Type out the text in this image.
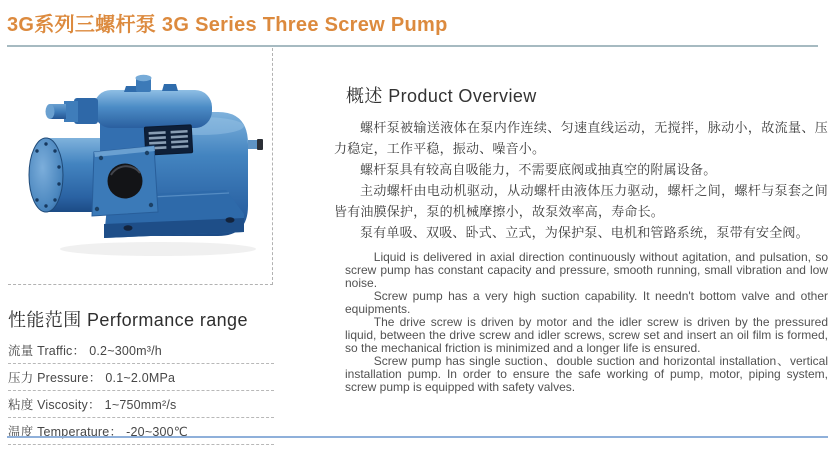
3G系列三螺杆泵 3G Series Three Screw Pump
概述 Product Overview

螺杆泵被输送液体在泵内作连续、匀速直线运动，无搅拌，脉动小，故流量、压力稳定，工作平稳，振动、噪音小。

螺杆泵具有较高自吸能力，不需要底阀或抽真空的附属设备。

主动螺杆由电动机驱动，从动螺杆由液体压力驱动，螺杆之间，螺杆与泵套之间皆有油膜保护，泵的机械摩擦小，故泵效率高，寿命长。

泵有单吸、双吸、卧式、立式，为保护泵、电机和管路系统，泵带有安全阀。

Liquid is delivered in axial direction continuously without agitation, and pulsation, so screw pump has constant capacity and pressure, smooth running, small vibration and low noise.

Screw pump has a very high suction capability. It needn't bottom valve and other equipments.

The drive screw is driven by motor and the idler screw is driven by the pressured liquid, between the drive screw and idler screws, screw set and insert an oil film is formed, so the mechanical friction is minimized and a longer life is ensured.

Screw pump has single suction、double suction and horizontal installation、vertical installation pump. In order to ensure the safe working of pump, motor, piping system, screw pump is equipped with safety valves.

性能范围 Performance range
流量 Traffic： 0.2~300m³/h
压力 Pressure： 0.1~2.0MPa
粘度 Viscosity： 1~750mm²/s
温度 Temperature： -20~300℃
